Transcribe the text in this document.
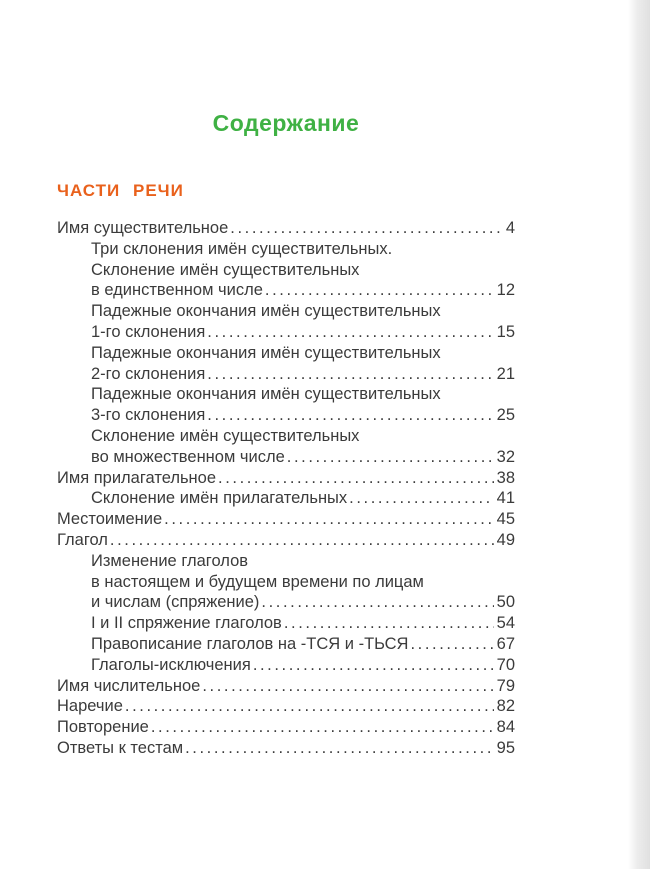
Содержание
ЧАСТИ РЕЧИ
Имя существительное .....	4
Три склонения имён существительных.
Склонение имён существительных
в единственном числе .....	12
Падежные окончания имён существительных
1-го склонения .....	15
Падежные окончания имён существительных
2-го склонения .....	21
Падежные окончания имён существительных
3-го склонения .....	25
Склонение имён существительных
во множественном числе .....	32
Имя прилагательное .....	38
Склонение имён прилагательных .....	41
Местоимение .....	45
Глагол .....	49
Изменение глаголов
в настоящем и будущем времени по лицам
и числам (спряжение) .....	50
I и II спряжение глаголов .....	54
Правописание глаголов на -ТСЯ и -ТЬСЯ .....	67
Глаголы-исключения .....	70
Имя числительное .....	79
Наречие .....	82
Повторение .....	84
Ответы к тестам .....	95
